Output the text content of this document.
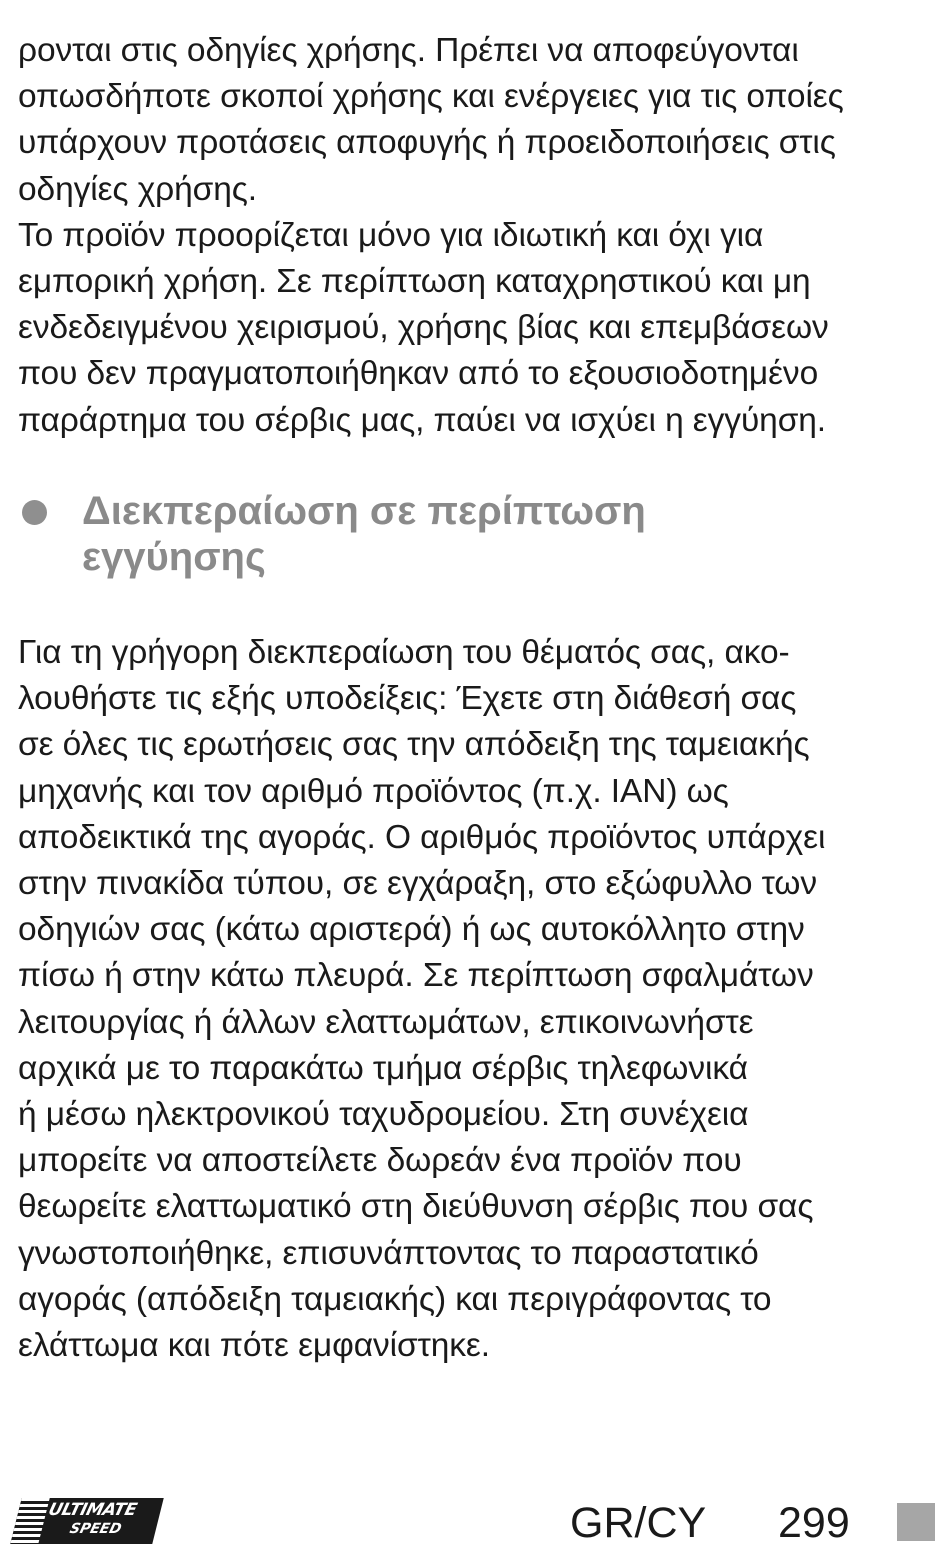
ρονται στις οδηγίες χρήσης. Πρέπει να αποφεύγονται
οπωσδήποτε σκοποί χρήσης και ενέργειες για τις οποίες
υπάρχουν προτάσεις αποφυγής ή προειδοποιήσεις στις
οδηγίες χρήσης.
Το προϊόν προορίζεται μόνο για ιδιωτική και όχι για
εμπορική χρήση. Σε περίπτωση καταχρηστικού και μη
ενδεδειγμένου χειρισμού, χρήσης βίας και επεμβάσεων
που δεν πραγματοποιήθηκαν από το εξουσιοδοτημένο
παράρτημα του σέρβις μας, παύει να ισχύει η εγγύηση.
Διεκπεραίωση σε περίπτωση
εγγύησης
Για τη γρήγορη διεκπεραίωση του θέματός σας, ακο-
λουθήστε τις εξής υποδείξεις: Έχετε στη διάθεσή σας
σε όλες τις ερωτήσεις σας την απόδειξη της ταμειακής
μηχανής και τον αριθμό προϊόντος (π.χ. IAN) ως
αποδεικτικά της αγοράς. Ο αριθμός προϊόντος υπάρχει
στην πινακίδα τύπου, σε εγχάραξη, στο εξώφυλλο των
οδηγιών σας (κάτω αριστερά) ή ως αυτοκόλλητο στην
πίσω ή στην κάτω πλευρά. Σε περίπτωση σφαλμάτων
λειτουργίας ή άλλων ελαττωμάτων, επικοινωνήστε
αρχικά με το παρακάτω τμήμα σέρβις τηλεφωνικά
ή μέσω ηλεκτρονικού ταχυδρομείου. Στη συνέχεια
μπορείτε να αποστείλετε δωρεάν ένα προϊόν που
θεωρείτε ελαττωματικό στη διεύθυνση σέρβις που σας
γνωστοποιήθηκε, επισυνάπτοντας το παραστατικό
αγοράς (απόδειξη ταμειακής) και περιγράφοντας το
ελάττωμα και πότε εμφανίστηκε.
ULTIMATE
SPEED	GR/CY 299
